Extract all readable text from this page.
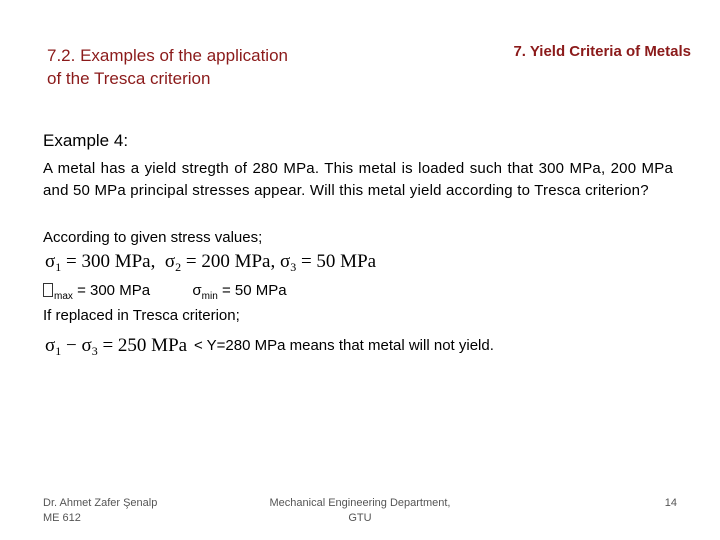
7.2. Examples of the application
of the Tresca criterion
7. Yield Criteria of Metals
Example 4:
A metal has a yield stregth of 280 MPa. This metal is loaded such that 300 MPa, 200 MPa and 50 MPa principal stresses appear. Will this metal yield according to Tresca criterion?
According to given stress values;
$\sigma_1 = 300$ MPa, $\sigma_2 = 200$ MPa, $\sigma_3 = 50$ MPa
$_{max}$ = 300 MPa	$\sigma_{min} = 50$ MPa
If replaced in Tresca criterion;
$\sigma_1 - \sigma_3 = 250$ MPa < Y=280 MPa means that metal will not yield.
Dr. Ahmet Zafer Şenalp
ME 612
Mechanical Engineering Department,
GTU
14
